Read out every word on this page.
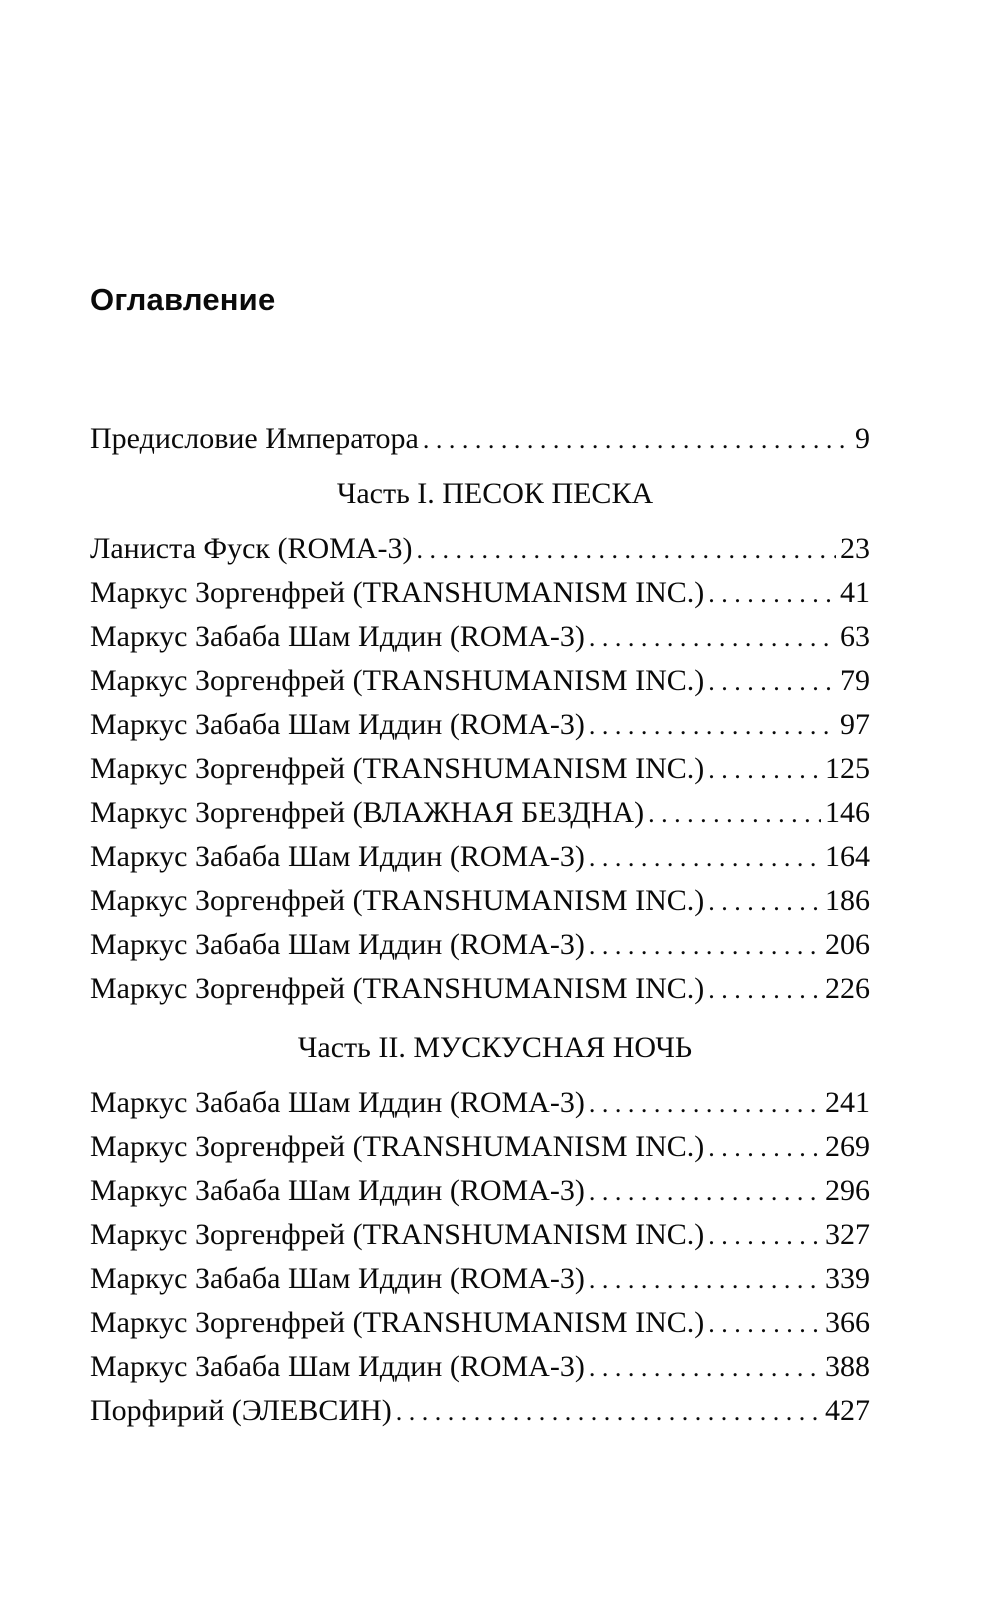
Оглавление
Предисловие Императора . . .	9
Часть I. ПЕСОК ПЕСКА
Ланиста Фуск (ROMA-3) . . .	23
Маркус Зоргенфрей (TRANSHUMANISM INC.) . . .	41
Маркус Забаба Шам Иддин (ROMA-3) . . .	63
Маркус Зоргенфрей (TRANSHUMANISM INC.) . . .	79
Маркус Забаба Шам Иддин (ROMA-3) . . .	97
Маркус Зоргенфрей (TRANSHUMANISM INC.) . . .	125
Маркус Зоргенфрей (ВЛАЖНАЯ БЕЗДНА) . . .	146
Маркус Забаба Шам Иддин (ROMA-3) . . .	164
Маркус Зоргенфрей (TRANSHUMANISM INC.) . . .	186
Маркус Забаба Шам Иддин (ROMA-3) . . .	206
Маркус Зоргенфрей (TRANSHUMANISM INC.) . . .	226
Часть II. МУСКУСНАЯ НОЧЬ
Маркус Забаба Шам Иддин (ROMA-3) . . .	241
Маркус Зоргенфрей (TRANSHUMANISM INC.) . . .	269
Маркус Забаба Шам Иддин (ROMA-3) . . .	296
Маркус Зоргенфрей (TRANSHUMANISM INC.) . . .	327
Маркус Забаба Шам Иддин (ROMA-3) . . .	339
Маркус Зоргенфрей (TRANSHUMANISM INC.) . . .	366
Маркус Забаба Шам Иддин (ROMA-3) . . .	388
Порфирий (ЭЛЕВСИН) . . .	427
